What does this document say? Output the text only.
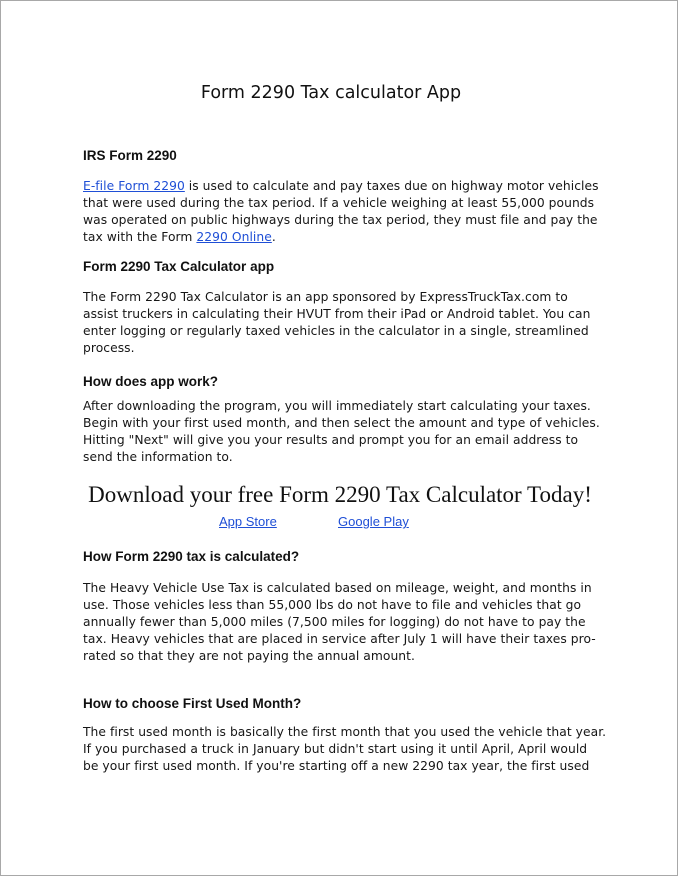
Form 2290 Tax calculator App
IRS Form 2290
E-file Form 2290 is used to calculate and pay taxes due on highway motor vehicles
that were used during the tax period. If a vehicle weighing at least 55,000 pounds
was operated on public highways during the tax period, they must file and pay the
tax with the Form 2290 Online.
Form 2290 Tax Calculator app
The Form 2290 Tax Calculator is an app sponsored by ExpressTruckTax.com to
assist truckers in calculating their HVUT from their iPad or Android tablet. You can
enter logging or regularly taxed vehicles in the calculator in a single, streamlined
process.
How does app work?
After downloading the program, you will immediately start calculating your taxes.
Begin with your first used month, and then select the amount and type of vehicles.
Hitting "Next" will give you your results and prompt you for an email address to
send the information to.
Download your free Form 2290 Tax Calculator Today!
App Store	Google Play
How Form 2290 tax is calculated?
The Heavy Vehicle Use Tax is calculated based on mileage, weight, and months in
use. Those vehicles less than 55,000 lbs do not have to file and vehicles that go
annually fewer than 5,000 miles (7,500 miles for logging) do not have to pay the
tax. Heavy vehicles that are placed in service after July 1 will have their taxes pro-
rated so that they are not paying the annual amount.
How to choose First Used Month?
The first used month is basically the first month that you used the vehicle that year.
If you purchased a truck in January but didn't start using it until April, April would
be your first used month. If you're starting off a new 2290 tax year, the first used
